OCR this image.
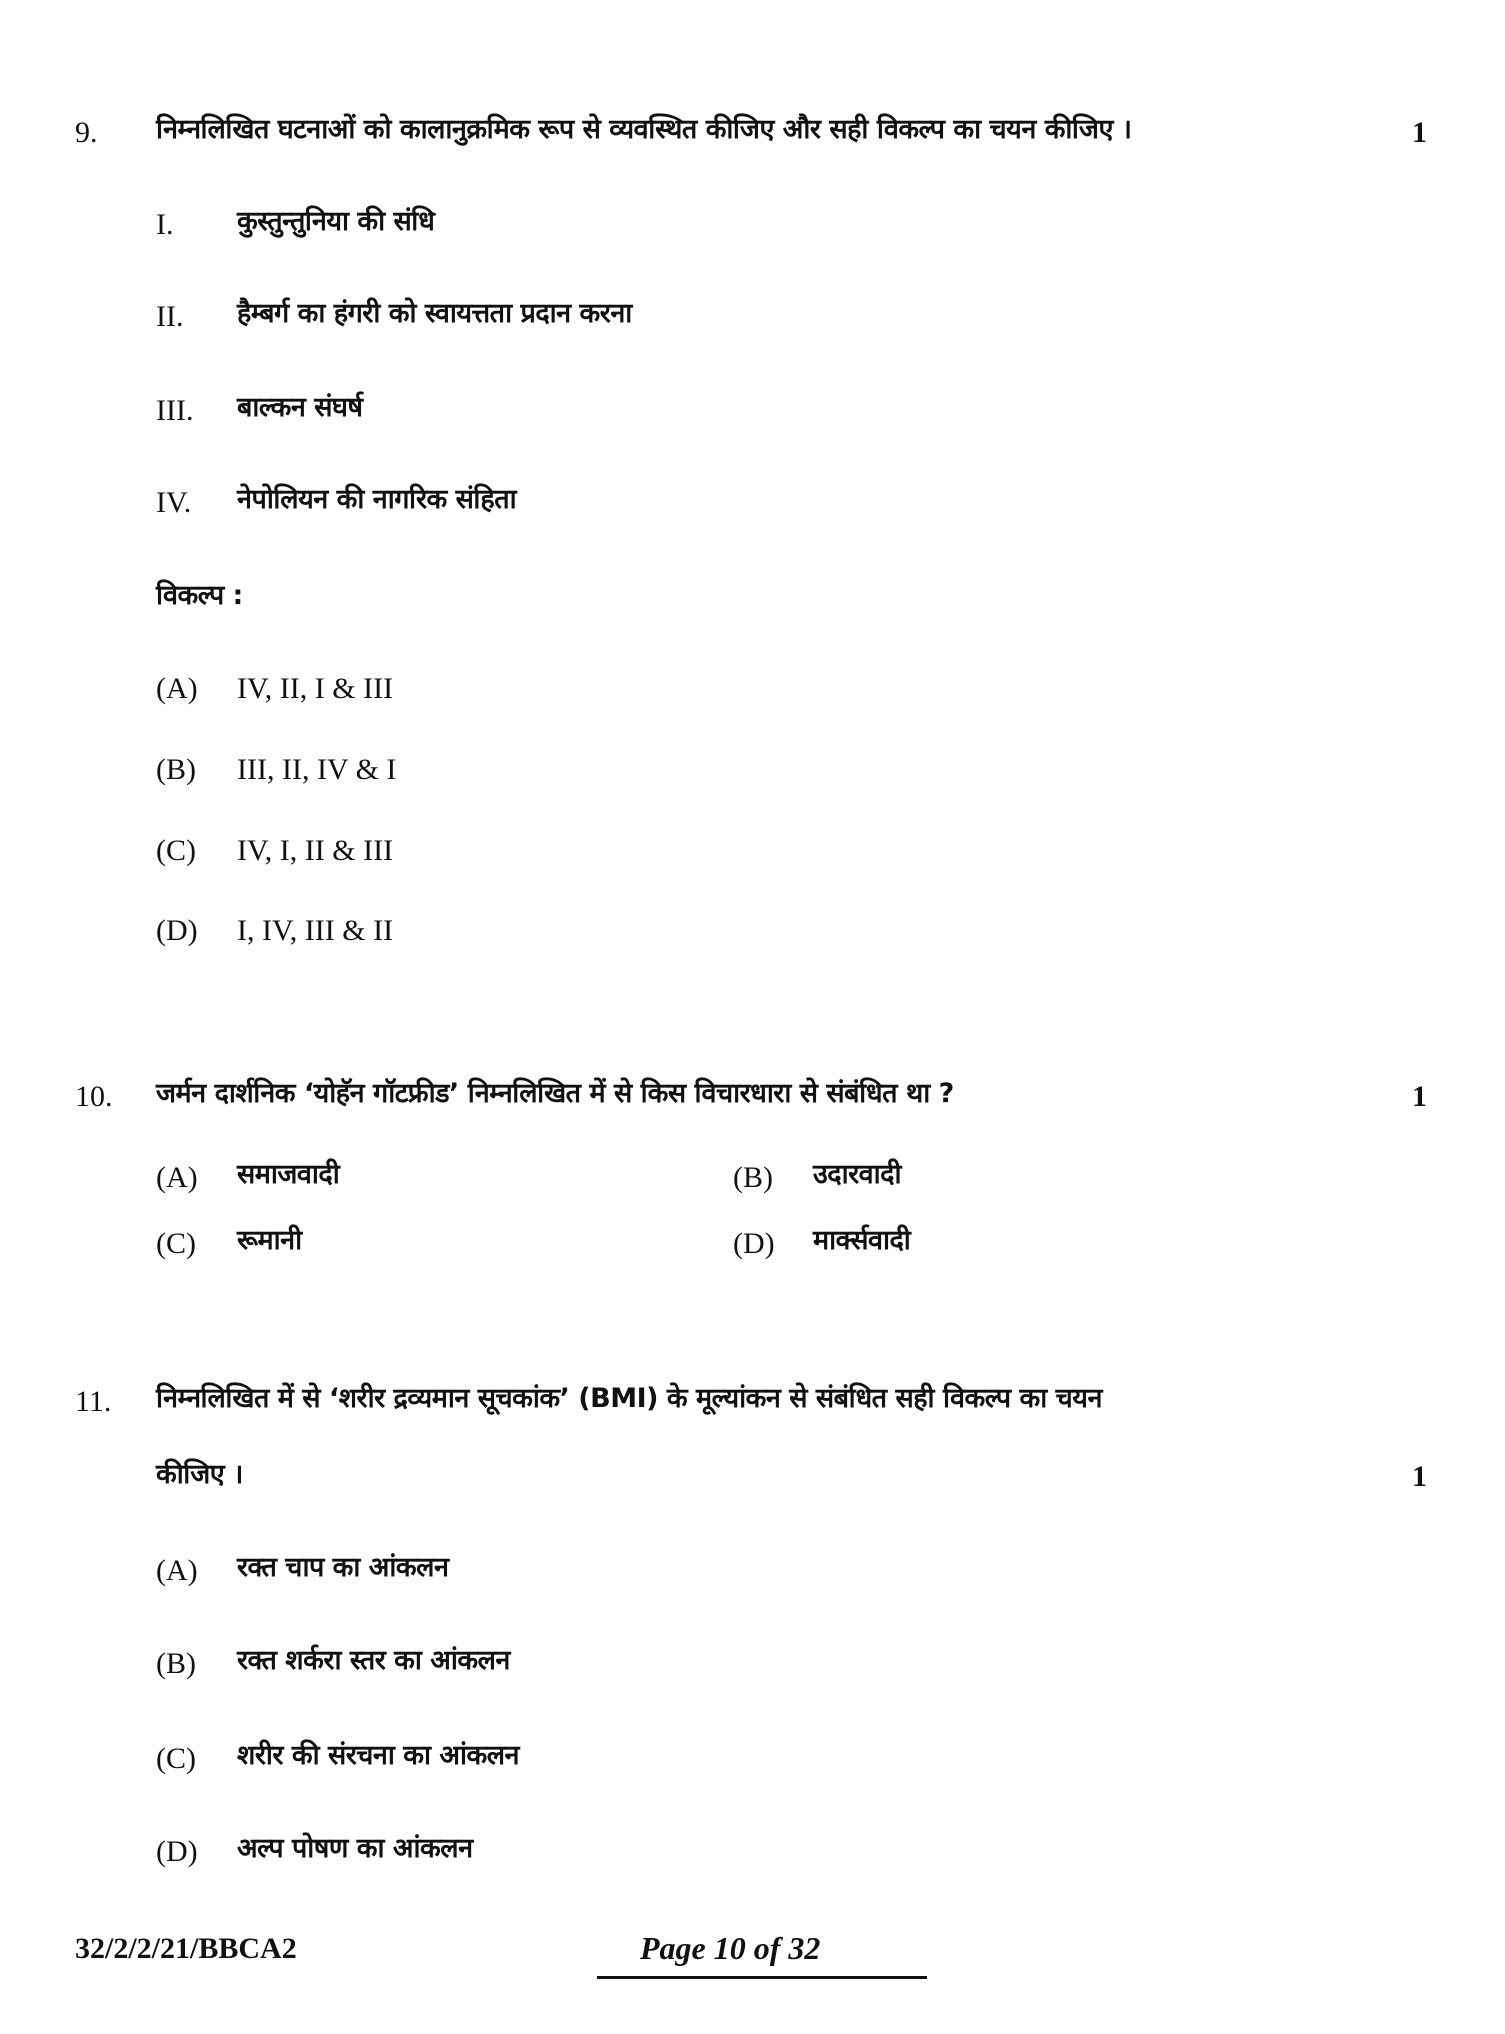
9. निम्नलिखित घटनाओं को कालानुक्रमिक रूप से व्यवस्थित कीजिए और सही विकल्प का चयन कीजिए ।	1
I. कुस्तुन्तुनिया की संधि
II. हैम्बर्ग का हंगरी को स्वायत्तता प्रदान करना
III. बाल्कन संघर्ष
IV. नेपोलियन की नागरिक संहिता
विकल्प :
(A) IV, II, I & III
(B) III, II, IV & I
(C) IV, I, II & III
(D) I, IV, III & II
10. जर्मन दार्शनिक ‘योहॅन गॉटफ्रीड’ निम्नलिखित में से किस विचारधारा से संबंधित था ?	1
(A) समाजवादी	(B) उदारवादी
(C) रूमानी	(D) मार्क्सवादी
11. निम्नलिखित में से ‘शरीर द्रव्यमान सूचकांक’ (BMI) के मूल्यांकन से संबंधित सही विकल्प का चयन
कीजिए ।	1
(A) रक्त चाप का आंकलन
(B) रक्त शर्करा स्तर का आंकलन
(C) शरीर की संरचना का आंकलन
(D) अल्प पोषण का आंकलन
32/2/2/21/BBCA2	Page 10 of 32
